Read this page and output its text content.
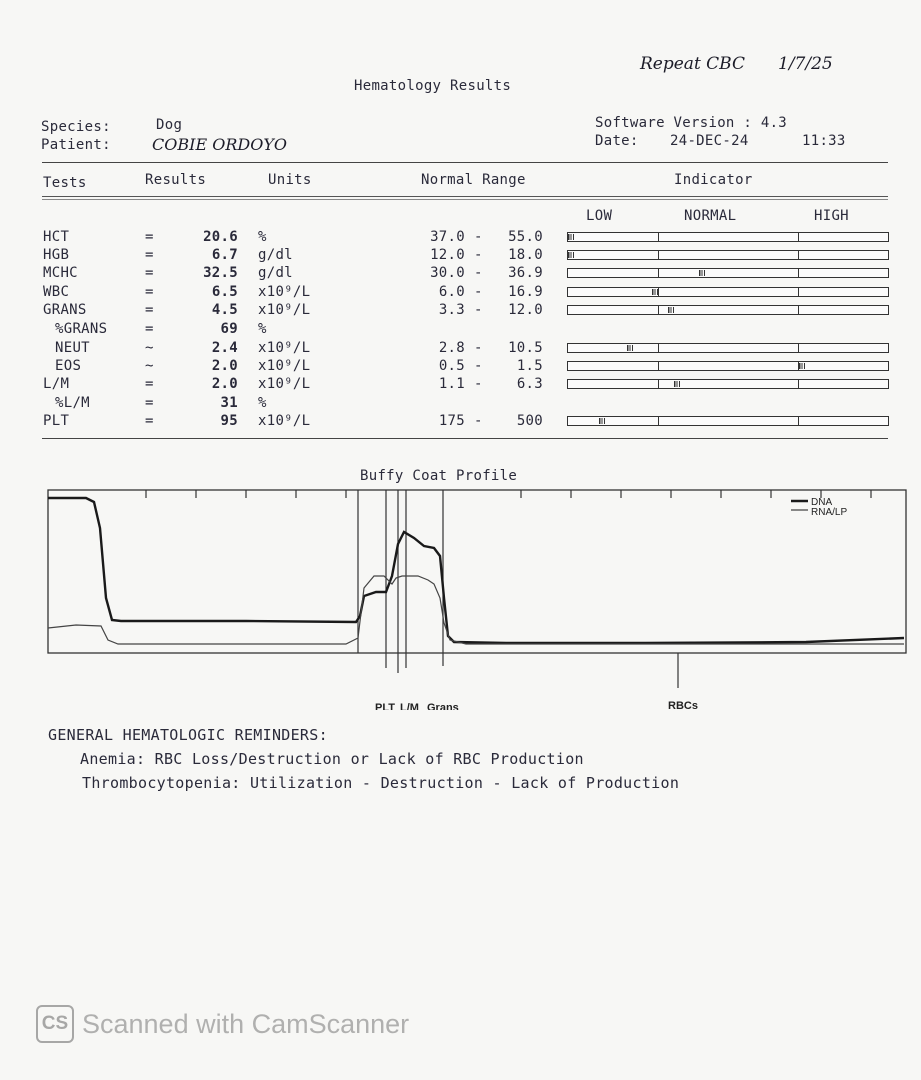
Repeat CBC 1/7/25
Hematology Results
Species:	Dog
Patient:	COBIE ORDOYO
Software Version : 4.3
Date: 24-DEC-24	11:33
Tests	Results	Units	Normal Range	Indicator
LOW	NORMAL	HIGH
HCT	=	20.6 %	37.0 -	55.0
HGB	=	6.7 g/dl	12.0 -	18.0
MCHC	=	32.5 g/dl	30.0 -	36.9
WBC	=	6.5 x10⁹/L	6.0 -	16.9
GRANS	=	4.5 x10⁹/L	3.3 -	12.0
%GRANS	=	69 %
NEUT	~	2.4 x10⁹/L	2.8 -	10.5
EOS	~	2.0 x10⁹/L	0.5 -	1.5
L/M	=	2.0 x10⁹/L	1.1 -	6.3
%L/M	=	31 %
PLT	=	95 x10⁹/L	175 -	500
Buffy Coat Profile
DNA
RNA/LP
PLT L/M Grans	RBCs
GENERAL HEMATOLOGIC REMINDERS:
Anemia: RBC Loss/Destruction or Lack of RBC Production
Thrombocytopenia: Utilization - Destruction - Lack of Production
CS Scanned with CamScanner
